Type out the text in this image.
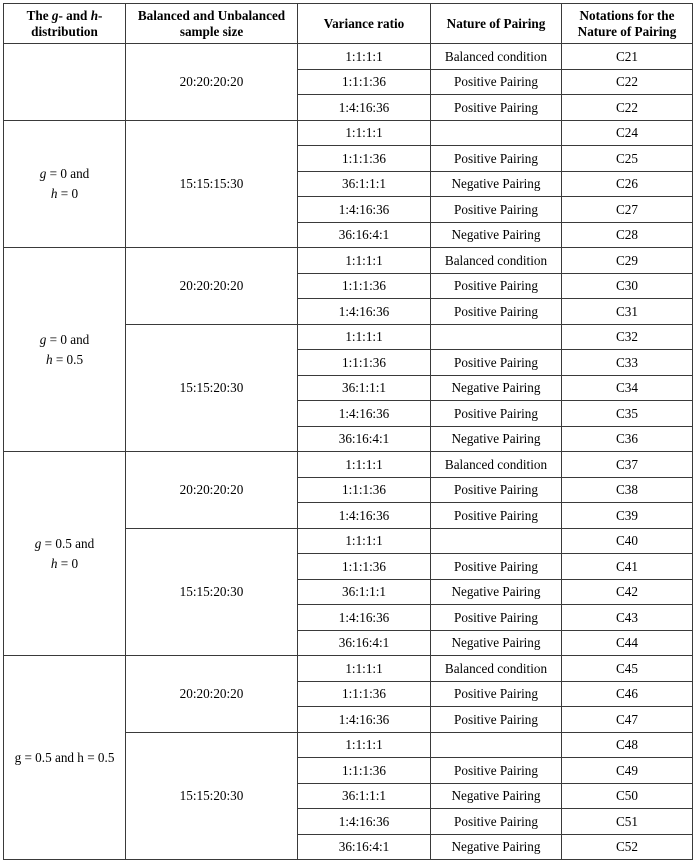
The g- and h-distribution	Balanced and Unbalanced sample size	Variance ratio	Nature of Pairing	Notations for the Nature of Pairing
	20:20:20:20	1:1:1:1	Balanced condition	C21
		1:1:1:36	Positive Pairing	C22
		1:4:16:36	Positive Pairing	C22
g = 0 and
h = 0	15:15:15:30	1:1:1:1		C24
		1:1:1:36	Positive Pairing	C25
		36:1:1:1	Negative Pairing	C26
		1:4:16:36	Positive Pairing	C27
		36:16:4:1	Negative Pairing	C28
g = 0 and
h = 0.5	20:20:20:20	1:1:1:1	Balanced condition	C29
		1:1:1:36	Positive Pairing	C30
		1:4:16:36	Positive Pairing	C31
	15:15:20:30	1:1:1:1		C32
		1:1:1:36	Positive Pairing	C33
		36:1:1:1	Negative Pairing	C34
		1:4:16:36	Positive Pairing	C35
		36:16:4:1	Negative Pairing	C36
g = 0.5 and
h = 0	20:20:20:20	1:1:1:1	Balanced condition	C37
		1:1:1:36	Positive Pairing	C38
		1:4:16:36	Positive Pairing	C39
	15:15:20:30	1:1:1:1		C40
		1:1:1:36	Positive Pairing	C41
		36:1:1:1	Negative Pairing	C42
		1:4:16:36	Positive Pairing	C43
		36:16:4:1	Negative Pairing	C44
g = 0.5 and h = 0.5	20:20:20:20	1:1:1:1	Balanced condition	C45
		1:1:1:36	Positive Pairing	C46
		1:4:16:36	Positive Pairing	C47
	15:15:20:30	1:1:1:1		C48
		1:1:1:36	Positive Pairing	C49
		36:1:1:1	Negative Pairing	C50
		1:4:16:36	Positive Pairing	C51
		36:16:4:1	Negative Pairing	C52
